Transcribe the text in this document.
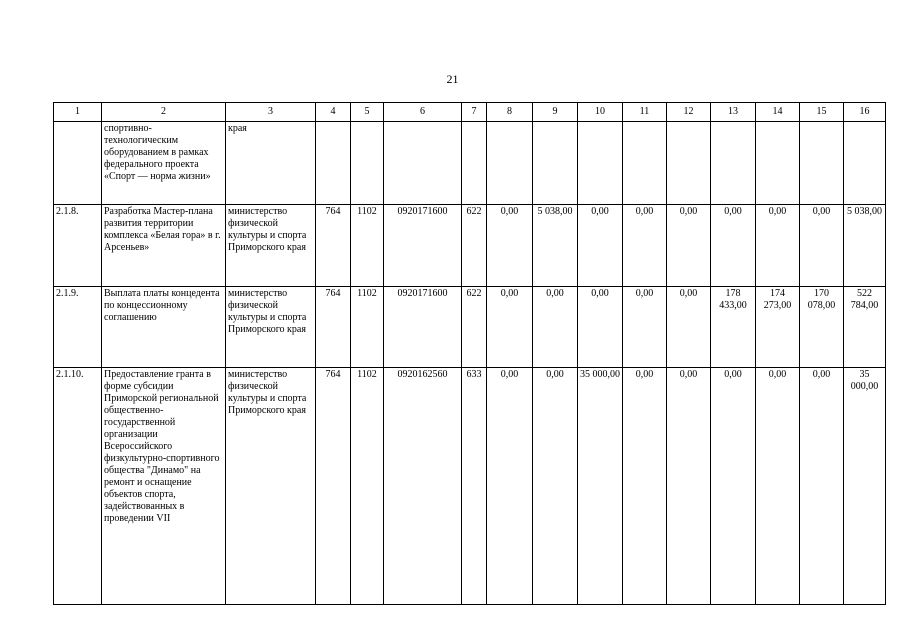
21
1	2	3	4	5	6	7	8	9	10	11	12	13	14	15	16
	спортивно-технологическим оборудованием в рамках федерального проекта «Спорт — норма жизни»	края													
2.1.8.	Разработка Мастер-плана развития территории комплекса «Белая гора» в г. Арсеньев»	министерство физической культуры и спорта Приморского края	764	1102	0920171600	622	0,00	5 038,00	0,00	0,00	0,00	0,00	0,00	0,00	5 038,00
2.1.9.	Выплата платы концедента по концессионному соглашению	министерство физической культуры и спорта Приморского края	764	1102	0920171600	622	0,00	0,00	0,00	0,00	0,00	178 433,00	174 273,00	170 078,00	522 784,00
2.1.10.	Предоставление гранта в форме субсидии Приморской региональной общественно-государственной организации Всероссийского физкультурно-спортивного общества "Динамо" на ремонт и оснащение объектов спорта, задействованных в проведении VII	министерство физической культуры и спорта Приморского края	764	1102	0920162560	633	0,00	0,00	35 000,00	0,00	0,00	0,00	0,00	0,00	35 000,00
